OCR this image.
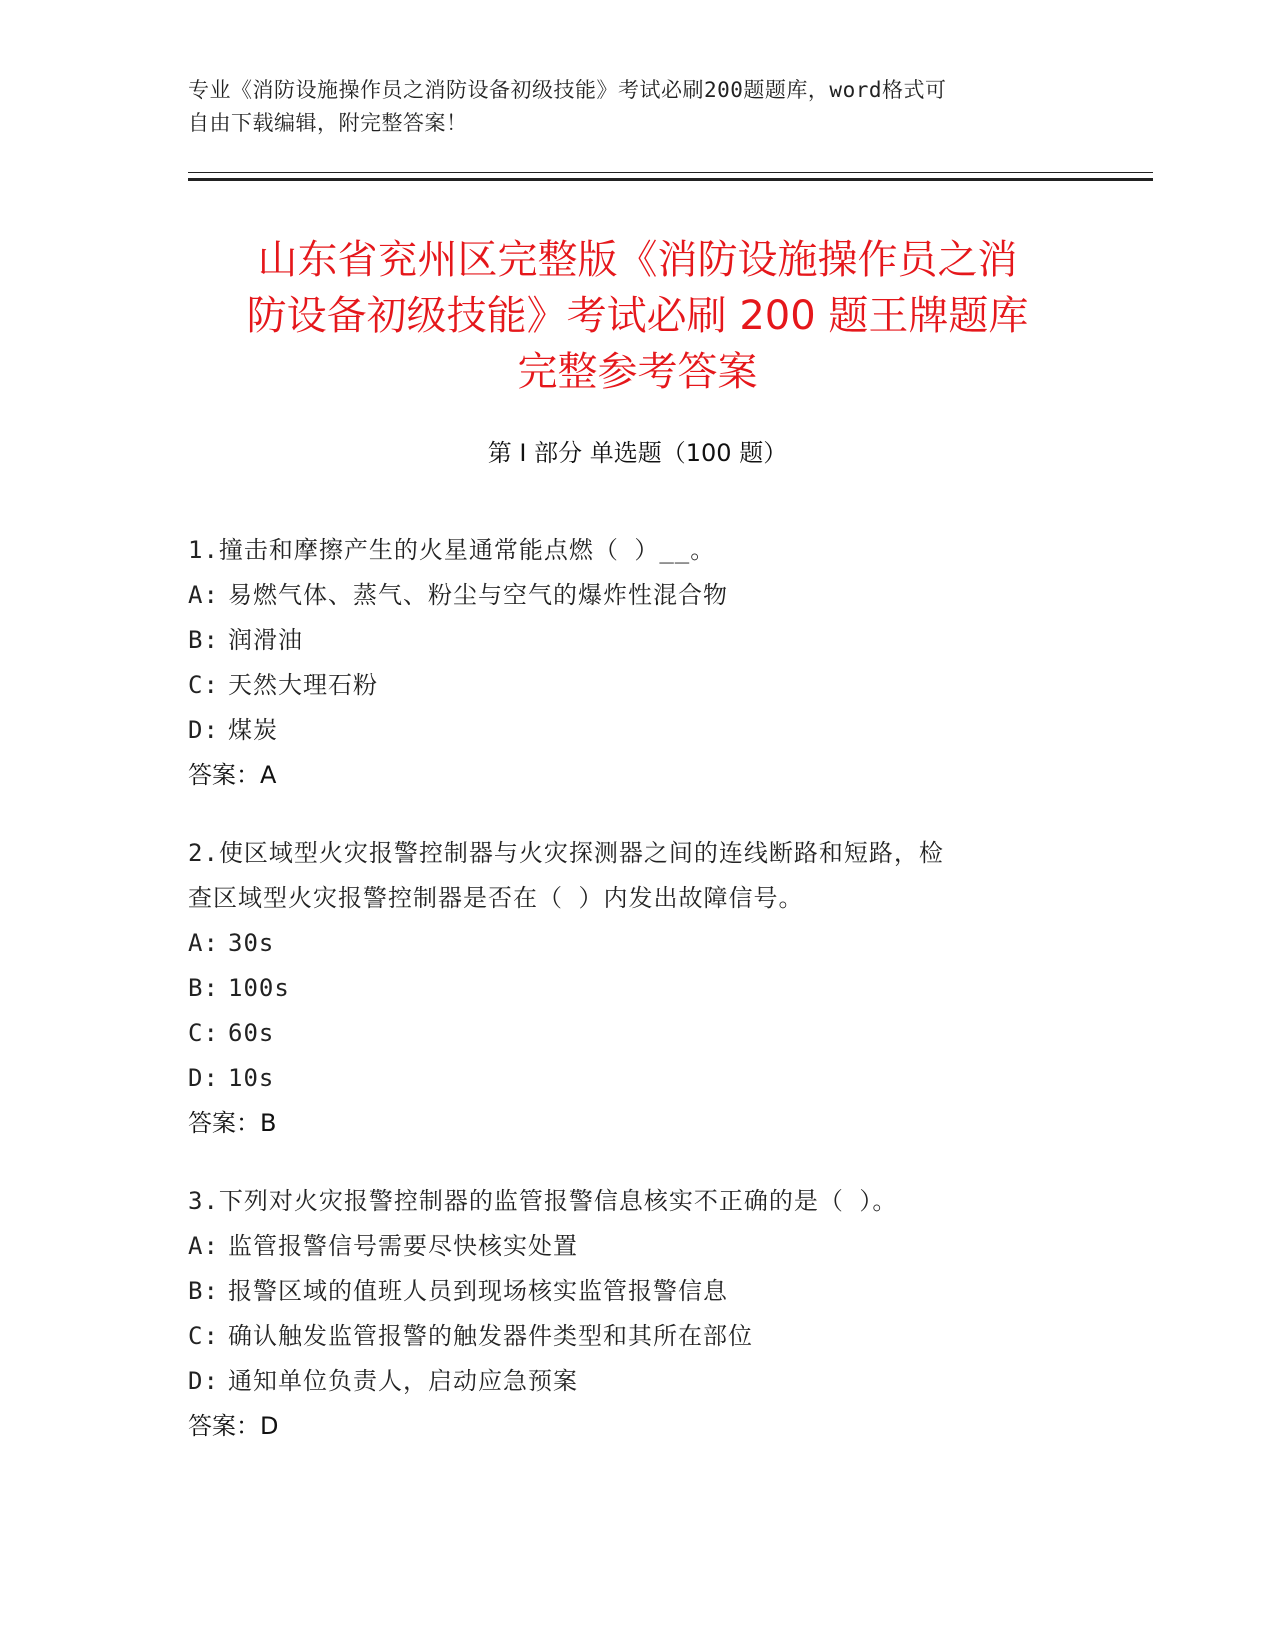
专业《消防设施操作员之消防设备初级技能》考试必刷200题题库，word格式可
自由下载编辑，附完整答案！
山东省兖州区完整版《消防设施操作员之消
防设备初级技能》考试必刷 200 题王牌题库
完整参考答案
第 I 部分 单选题（100 题）
1.撞击和摩擦产生的火星通常能点燃（ ）__。
A: 易燃气体、蒸气、粉尘与空气的爆炸性混合物
B: 润滑油
C: 天然大理石粉
D: 煤炭
答案：A
2.使区域型火灾报警控制器与火灾探测器之间的连线断路和短路，检
查区域型火灾报警控制器是否在（ ）内发出故障信号。
A: 30s
B: 100s
C: 60s
D: 10s
答案：B
3.下列对火灾报警控制器的监管报警信息核实不正确的是（ ）。
A: 监管报警信号需要尽快核实处置
B: 报警区域的值班人员到现场核实监管报警信息
C: 确认触发监管报警的触发器件类型和其所在部位
D: 通知单位负责人，启动应急预案
答案：D
